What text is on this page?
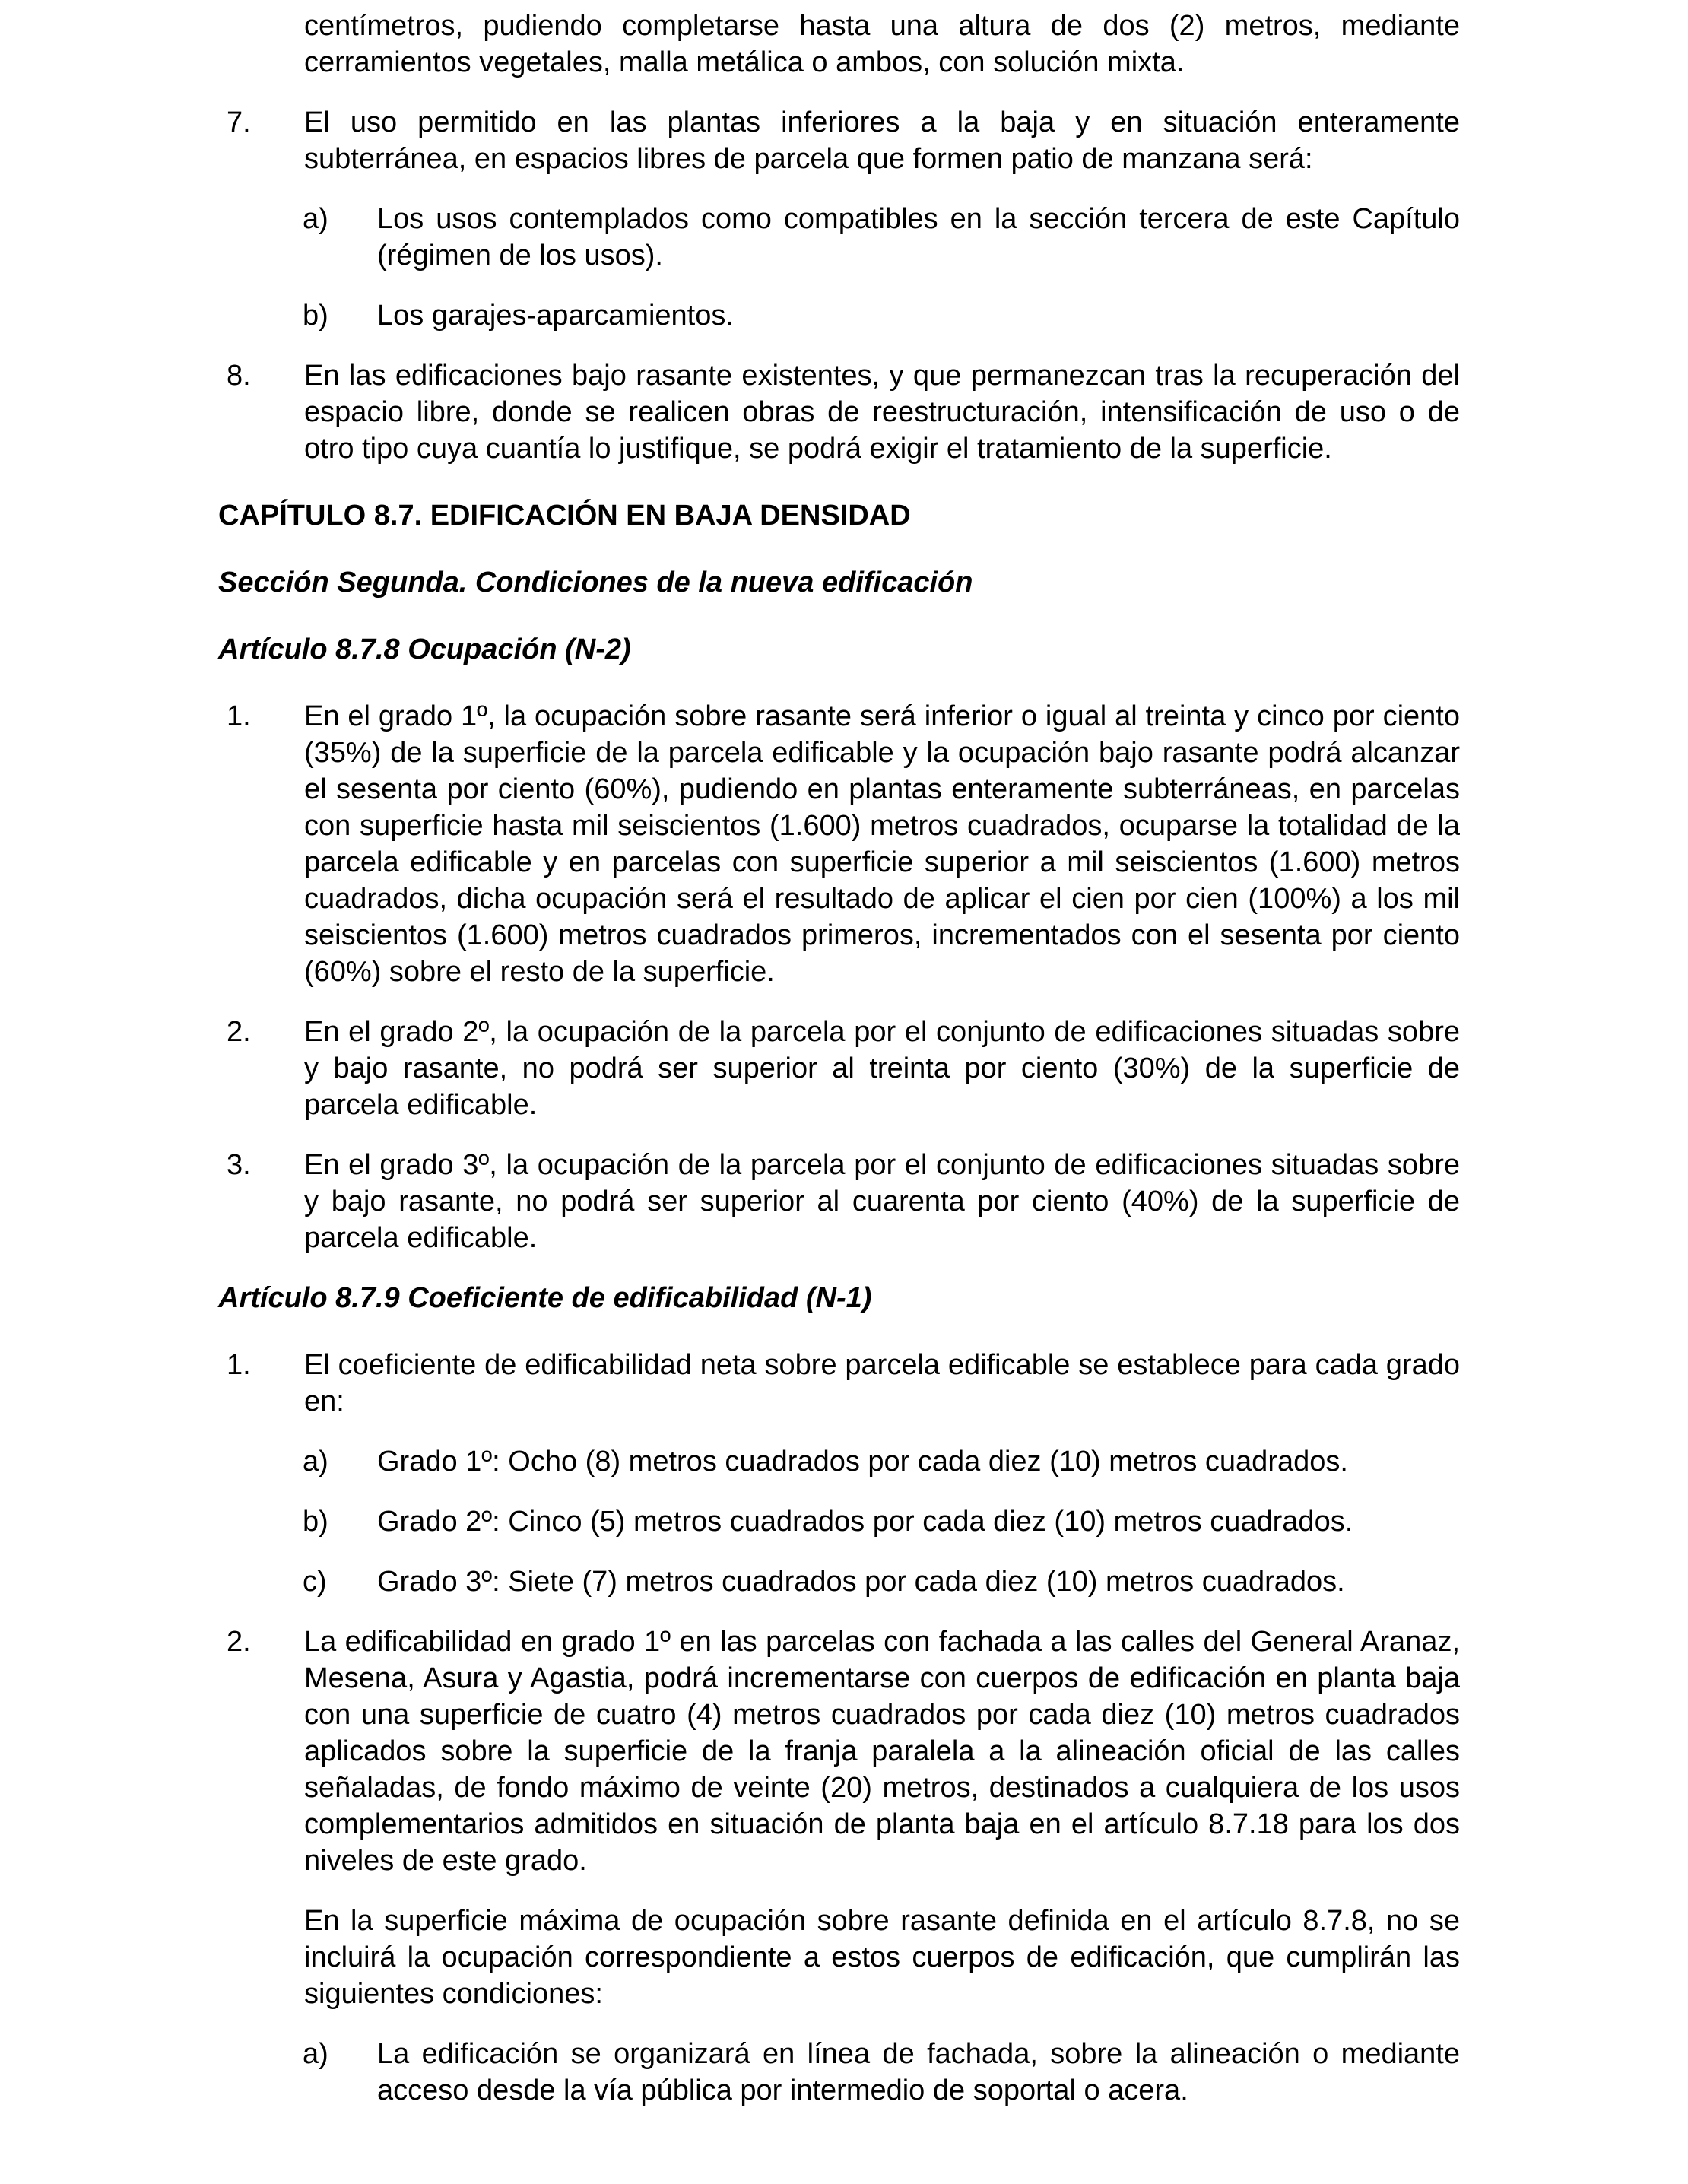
centímetros, pudiendo completarse hasta una altura de dos (2) metros, mediante cerramientos vegetales, malla metálica o ambos, con solución mixta.

7.	El uso permitido en las plantas inferiores a la baja y en situación enteramente subterránea, en espacios libres de parcela que formen patio de manzana será:

a)	Los usos contemplados como compatibles en la sección tercera de este Capítulo (régimen de los usos).

b)	Los garajes-aparcamientos.

8.	En las edificaciones bajo rasante existentes, y que permanezcan tras la recuperación del espacio libre, donde se realicen obras de reestructuración, intensificación de uso o de otro tipo cuya cuantía lo justifique, se podrá exigir el tratamiento de la superficie.

CAPÍTULO 8.7. EDIFICACIÓN EN BAJA DENSIDAD
Sección Segunda. Condiciones de la nueva edificación
Artículo 8.7.8 Ocupación (N-2)
1.	En el grado 1º, la ocupación sobre rasante será inferior o igual al treinta y cinco por ciento (35%) de la superficie de la parcela edificable y la ocupación bajo rasante podrá alcanzar el sesenta por ciento (60%), pudiendo en plantas enteramente subterráneas, en parcelas con superficie hasta mil seiscientos (1.600) metros cuadrados, ocuparse la totalidad de la parcela edificable y en parcelas con superficie superior a mil seiscientos (1.600) metros cuadrados, dicha ocupación será el resultado de aplicar el cien por cien (100%) a los mil seiscientos (1.600) metros cuadrados primeros, incrementados con el sesenta por ciento (60%) sobre el resto de la superficie.

2.	En el grado 2º, la ocupación de la parcela por el conjunto de edificaciones situadas sobre y bajo rasante, no podrá ser superior al treinta por ciento (30%) de la superficie de parcela edificable.

3.	En el grado 3º, la ocupación de la parcela por el conjunto de edificaciones situadas sobre y bajo rasante, no podrá ser superior al cuarenta por ciento (40%) de la superficie de parcela edificable.

Artículo 8.7.9 Coeficiente de edificabilidad (N-1)
1.	El coeficiente de edificabilidad neta sobre parcela edificable se establece para cada grado en:

a)	Grado 1º: Ocho (8) metros cuadrados por cada diez (10) metros cuadrados.

b)	Grado 2º: Cinco (5) metros cuadrados por cada diez (10) metros cuadrados.

c)	Grado 3º: Siete (7) metros cuadrados por cada diez (10) metros cuadrados.

2.	La edificabilidad en grado 1º en las parcelas con fachada a las calles del General Aranaz, Mesena, Asura y Agastia, podrá incrementarse con cuerpos de edificación en planta baja con una superficie de cuatro (4) metros cuadrados por cada diez (10) metros cuadrados aplicados sobre la superficie de la franja paralela a la alineación oficial de las calles señaladas, de fondo máximo de veinte (20) metros, destinados a cualquiera de los usos complementarios admitidos en situación de planta baja en el artículo 8.7.18 para los dos niveles de este grado.

En la superficie máxima de ocupación sobre rasante definida en el artículo 8.7.8, no se incluirá la ocupación correspondiente a estos cuerpos de edificación, que cumplirán las siguientes condiciones:

a)	La edificación se organizará en línea de fachada, sobre la alineación o mediante acceso desde la vía pública por intermedio de soportal o acera.
